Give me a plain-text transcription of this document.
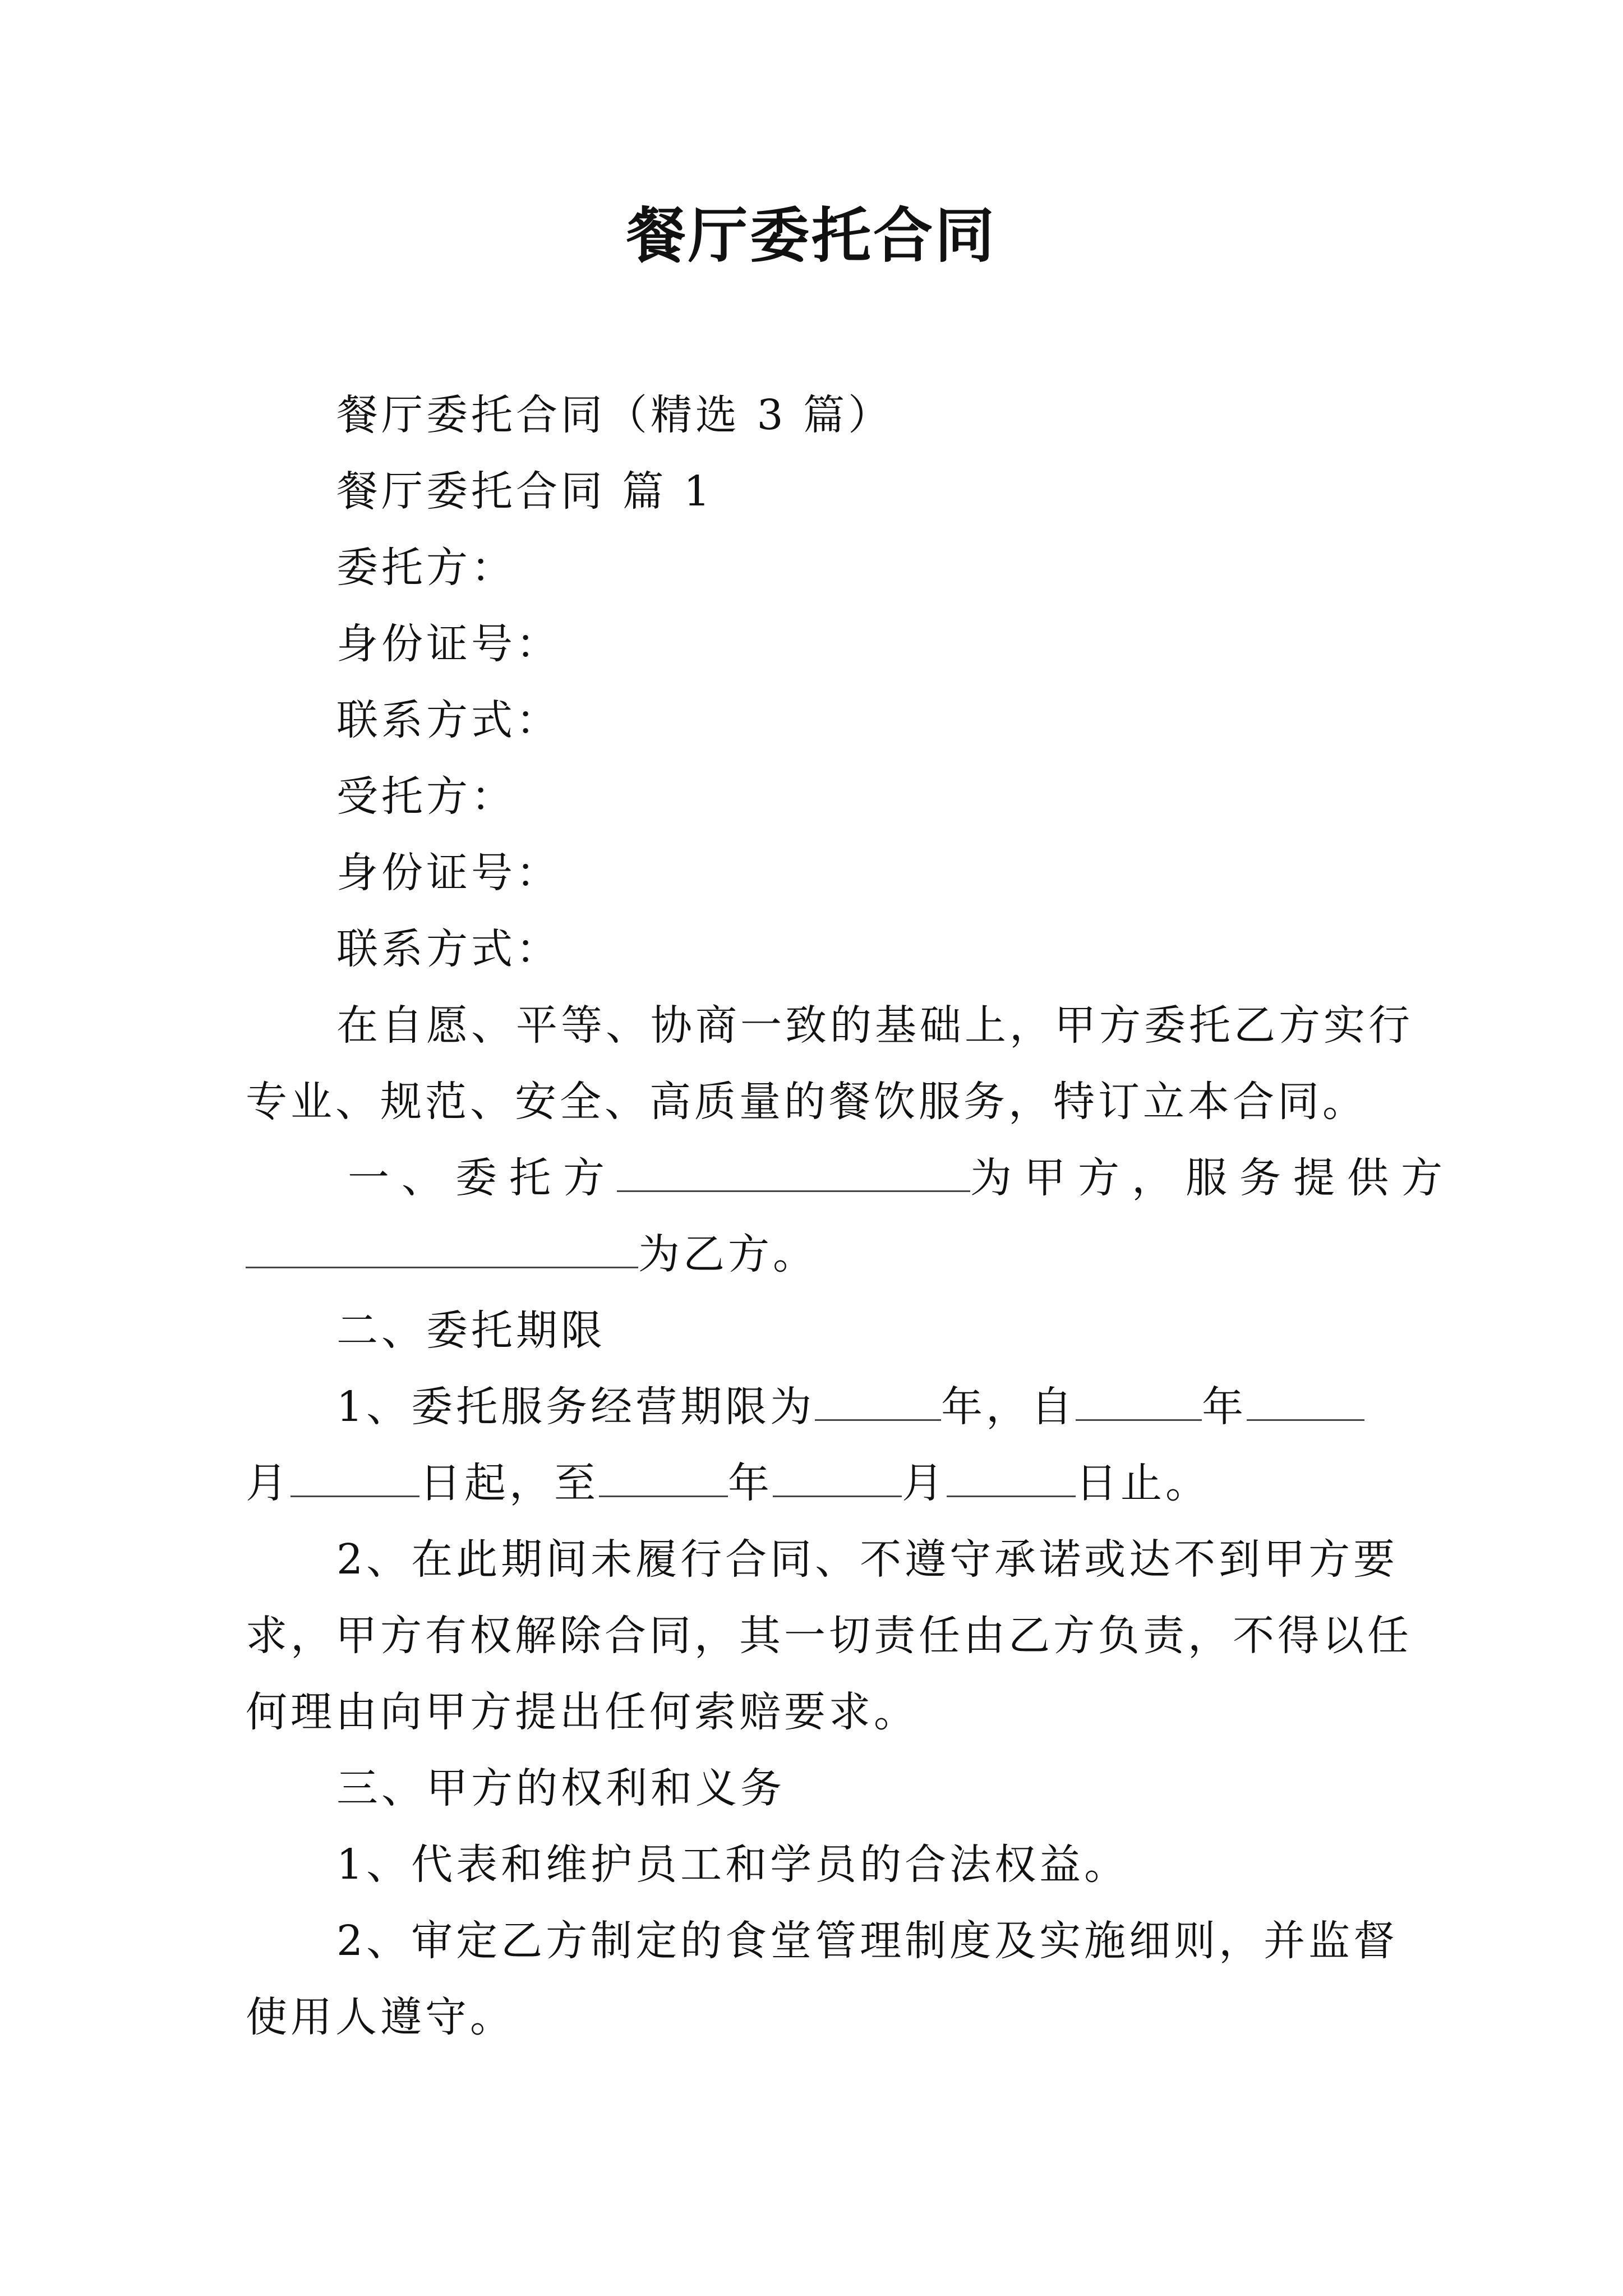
餐厅委托合同
餐厅委托合同（精选 3 篇）
餐厅委托合同 篇 1
委托方：
身份证号：
联系方式：
受托方：
身份证号：
联系方式：
在自愿、平等、协商一致的基础上，甲方委托乙方实行
专业、规范、安全、高质量的餐饮服务，特订立本合同。
一、委托方	为甲方，服务提供方
为乙方。
二、委托期限
1、委托服务经营期限为	年，自	年
月	日起，至	年	月	日止。
2、在此期间未履行合同、不遵守承诺或达不到甲方要
求，甲方有权解除合同，其一切责任由乙方负责，不得以任
何理由向甲方提出任何索赔要求。
三、甲方的权利和义务
1、代表和维护员工和学员的合法权益。
2、审定乙方制定的食堂管理制度及实施细则，并监督
使用人遵守。
